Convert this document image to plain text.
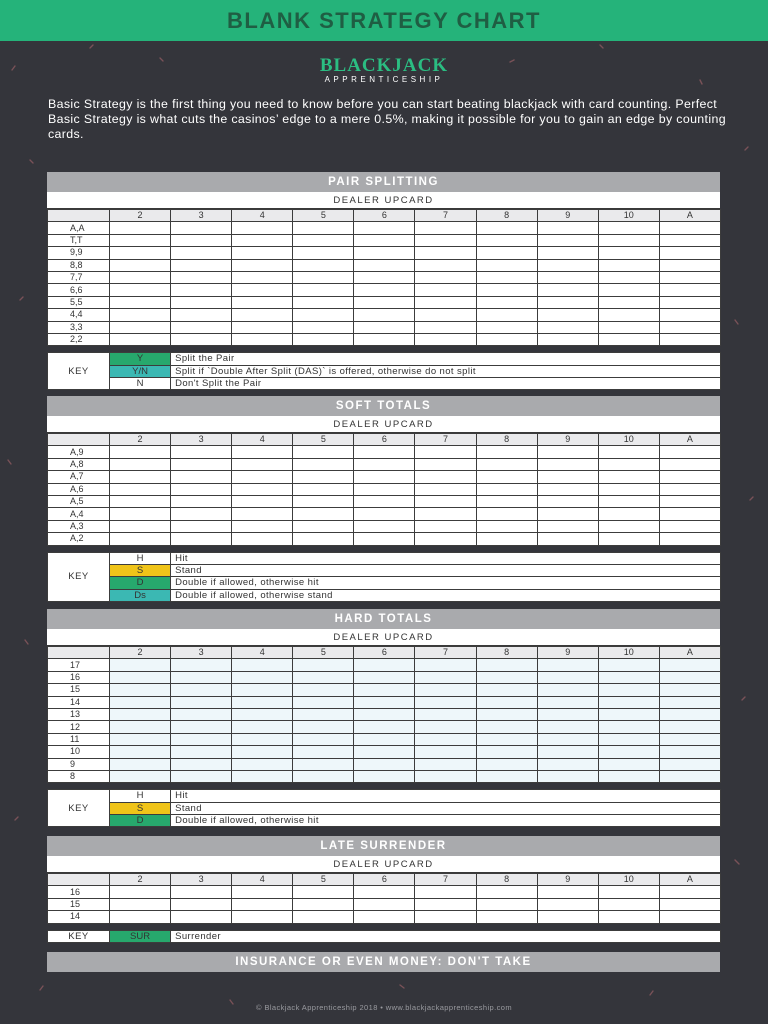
BLANK STRATEGY CHART
BLACKJACK
APPRENTICESHIP
Basic Strategy is the first thing you need to know before you can start beating blackjack with card counting. Perfect Basic Strategy is what cuts the casinos’ edge to a mere 0.5%, making it possible for you to gain an edge by counting cards.
PAIR SPLITTING
DEALER UPCARD
	2	3	4	5	6	7	8	9	10	A
A,A										
T,T										
9,9										
8,8										
7,7										
6,6										
5,5										
4,4										
3,3										
2,2										
KEY	Y	Split the Pair
	Y/N	Split if `Double After Split (DAS)` is offered, otherwise do not split
	N	Don't Split the Pair
SOFT TOTALS
DEALER UPCARD
	2	3	4	5	6	7	8	9	10	A
A,9										
A,8										
A,7										
A,6										
A,5										
A,4										
A,3										
A,2										
KEY	H	Hit
	S	Stand
	D	Double if allowed, otherwise hit
	Ds	Double if allowed, otherwise stand
HARD TOTALS
DEALER UPCARD
	2	3	4	5	6	7	8	9	10	A
17										
16										
15										
14										
13										
12										
11										
10										
9										
8										
KEY	H	Hit
	S	Stand
	D	Double if allowed, otherwise hit
LATE SURRENDER
DEALER UPCARD
	2	3	4	5	6	7	8	9	10	A
16										
15										
14										
KEY	SUR	Surrender
INSURANCE OR EVEN MONEY: DON'T TAKE
© Blackjack Apprenticeship 2018 • www.blackjackapprenticeship.com
